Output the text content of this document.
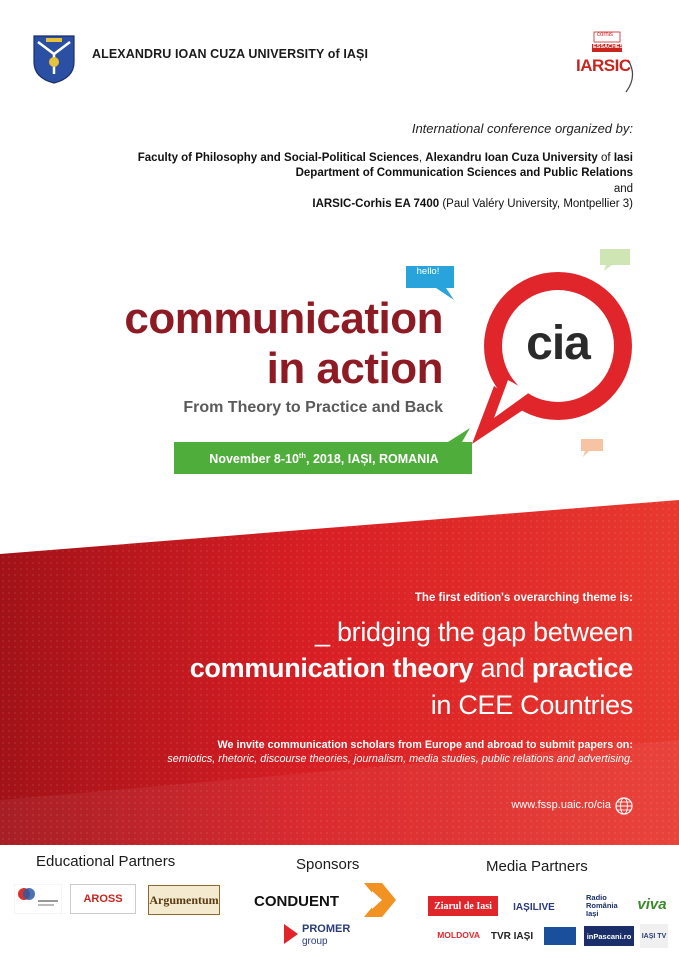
ALEXANDRU IOAN CUZA UNIVERSITY of IAȘI
corhis
ESSACHESS
IARSIC
International conference organized by:
Faculty of Philosophy and Social-Political Sciences, Alexandru Ioan Cuza University of Iasi
Department of Communication Sciences and Public Relations
and
IARSIC-Corhis EA 7400 (Paul Valéry University, Montpellier 3)
hello!
communication
in action
From Theory to Practice and Back
cia
November 8-10th, 2018, IAȘI, ROMANIA
The first edition's overarching theme is:
_ bridging the gap between
communication theory and practice
in CEE Countries
We invite communication scholars from Europe and abroad to submit papers on:
semiotics, rhetoric, discourse theories, journalism, media studies, public relations and advertising.
www.fssp.uaic.ro/cia
Educational Partners	Sponsors	Media Partners
AROSS Argumentum CONDUENT
PROMER
group
Ziarul de Iasi IAȘILIVE
Radio România Iași
viva
MOLDOVA TVR IAȘI	inPascani.ro IAȘI TV
